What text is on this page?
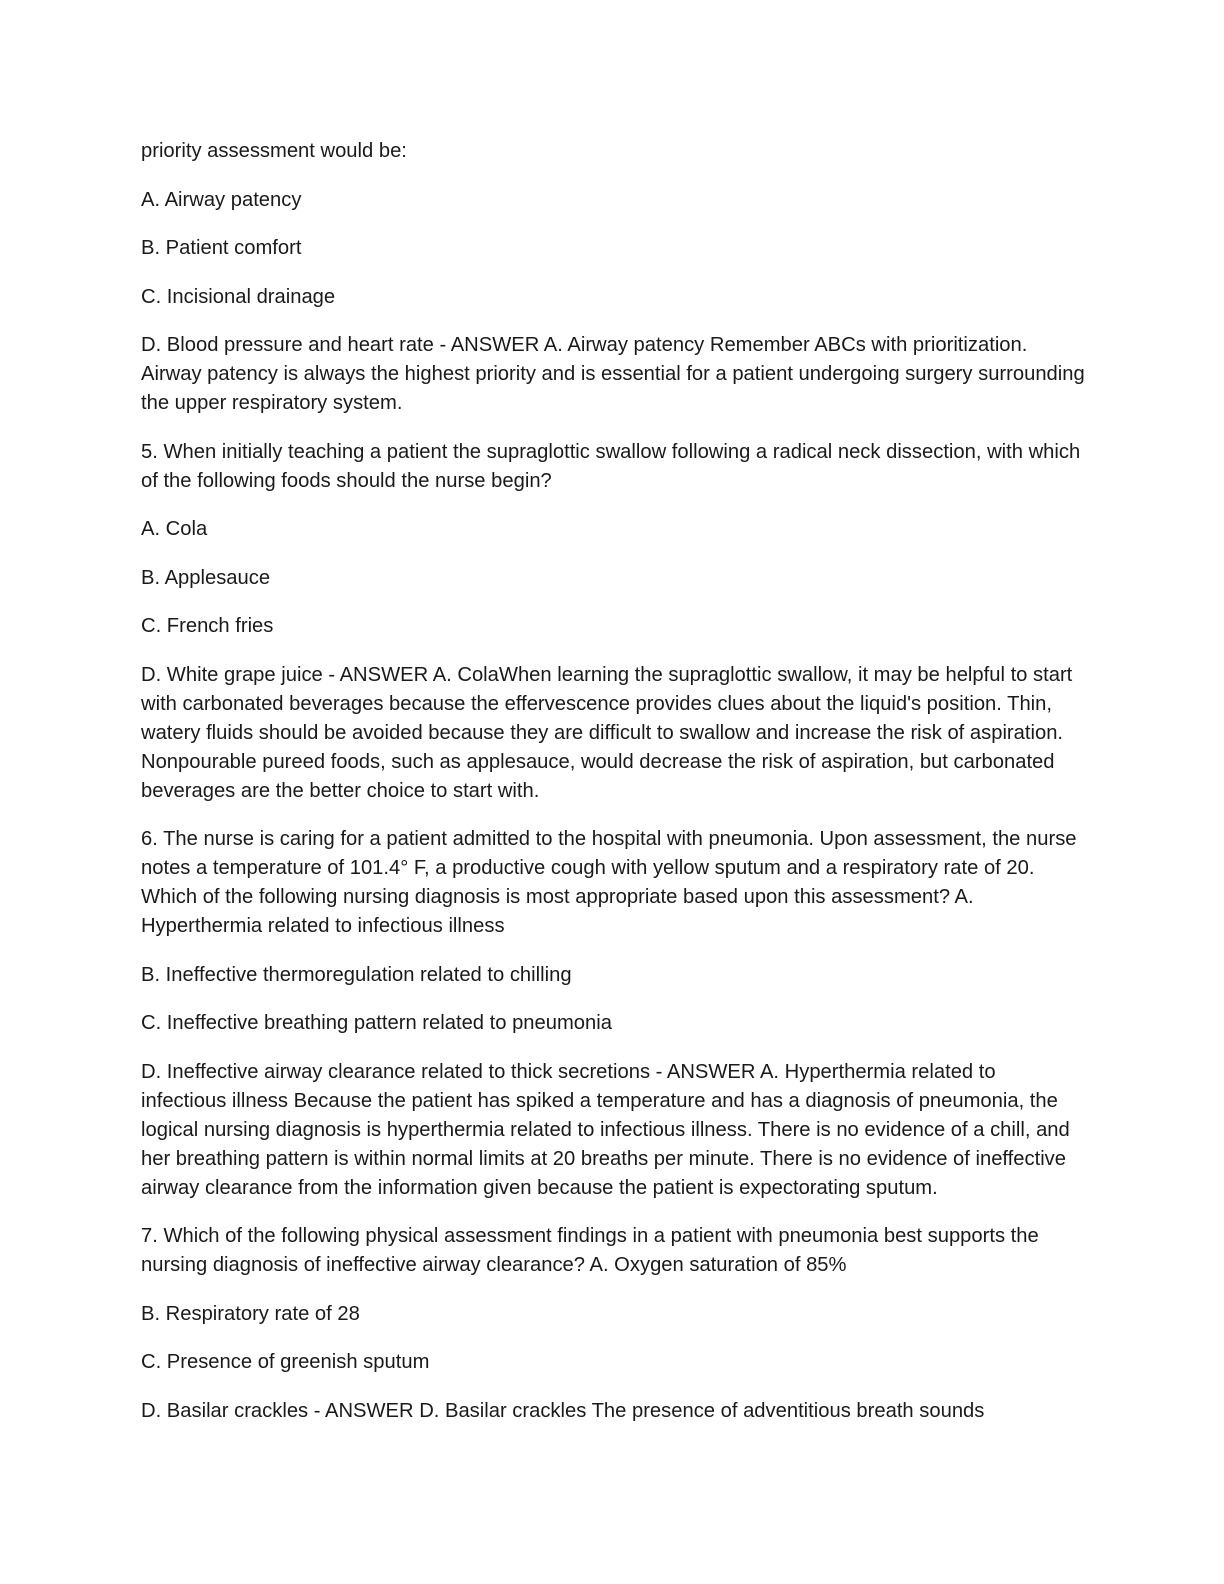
priority assessment would be:

A. Airway patency

B. Patient comfort

C. Incisional drainage

D. Blood pressure and heart rate - ANSWER A. Airway patency Remember ABCs with prioritization. Airway patency is always the highest priority and is essential for a patient undergoing surgery surrounding the upper respiratory system.

5. When initially teaching a patient the supraglottic swallow following a radical neck dissection, with which of the following foods should the nurse begin?

A. Cola

B. Applesauce

C. French fries

D. White grape juice - ANSWER A. ColaWhen learning the supraglottic swallow, it may be helpful to start with carbonated beverages because the effervescence provides clues about the liquid's position. Thin, watery fluids should be avoided because they are difficult to swallow and increase the risk of aspiration. Nonpourable pureed foods, such as applesauce, would decrease the risk of aspiration, but carbonated beverages are the better choice to start with.

6. The nurse is caring for a patient admitted to the hospital with pneumonia. Upon assessment, the nurse notes a temperature of 101.4° F, a productive cough with yellow sputum and a respiratory rate of 20. Which of the following nursing diagnosis is most appropriate based upon this assessment? A. Hyperthermia related to infectious illness

B. Ineffective thermoregulation related to chilling

C. Ineffective breathing pattern related to pneumonia

D. Ineffective airway clearance related to thick secretions - ANSWER A. Hyperthermia related to infectious illness Because the patient has spiked a temperature and has a diagnosis of pneumonia, the logical nursing diagnosis is hyperthermia related to infectious illness. There is no evidence of a chill, and her breathing pattern is within normal limits at 20 breaths per minute. There is no evidence of ineffective airway clearance from the information given because the patient is expectorating sputum.

7. Which of the following physical assessment findings in a patient with pneumonia best supports the nursing diagnosis of ineffective airway clearance? A. Oxygen saturation of 85%

B. Respiratory rate of 28

C. Presence of greenish sputum

D. Basilar crackles - ANSWER D. Basilar crackles The presence of adventitious breath sounds
